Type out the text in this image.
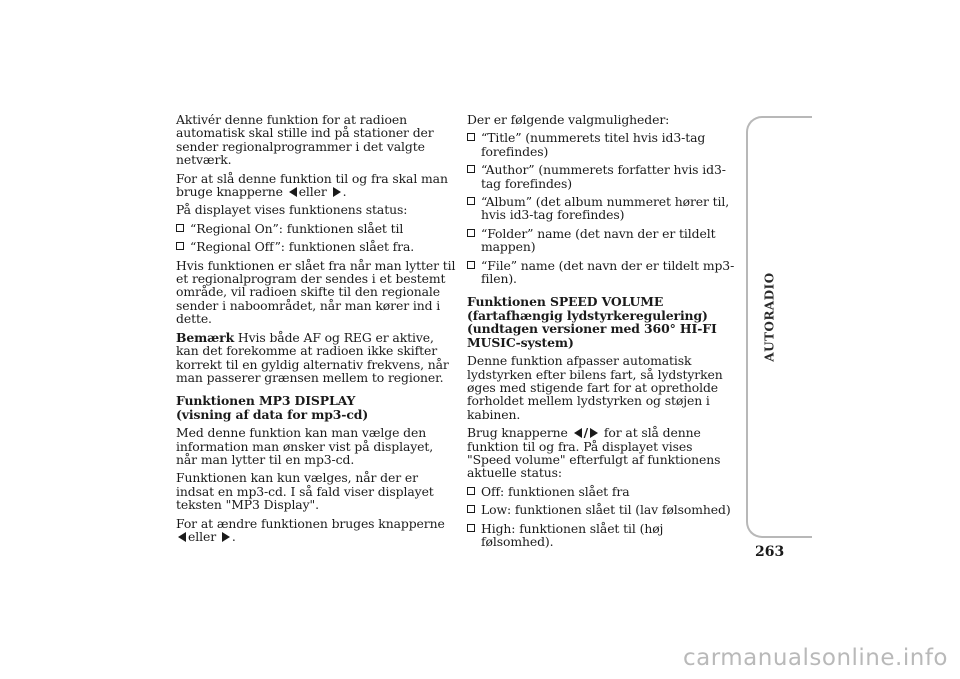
Aktivér denne funktion for at radioen automatisk skal stille ind på stationer der sender regionalprogrammer i det valgte netværk.

For at slå denne funktion til og fra skal man bruge knapperne eller .

På displayet vises funktionens status:

“Regional On”: funktionen slået til
“Regional Off”: funktionen slået fra.

Hvis funktionen er slået fra når man lytter til et regionalprogram der sendes i et bestemt område, vil radioen skifte til den regionale sender i naboområdet, når man kører ind i dette.

Bemærk Hvis både AF og REG er aktive, kan det forekomme at radioen ikke skifter korrekt til en gyldig alternativ frekvens, når man passerer grænsen mellem to regioner.

Funktionen MP3 DISPLAY
(visning af data for mp3-cd)

Med denne funktion kan man vælge den information man ønsker vist på displayet, når man lytter til en mp3-cd.

Funktionen kan kun vælges, når der er indsat en mp3-cd. I så fald viser displayet teksten "MP3 Display".

For at ændre funktionen bruges knapperne eller .

Der er følgende valgmuligheder:

“Title” (nummerets titel hvis id3-tag forefindes)
“Author” (nummerets forfatter hvis id3-tag forefindes)
“Album” (det album nummeret hører til, hvis id3-tag forefindes)
“Folder” name (det navn der er tildelt mappen)
“File” name (det navn der er tildelt mp3-filen).
Funktionen SPEED VOLUME
(fartafhængig lydstyrkeregulering)
(undtagen versioner med 360° HI-FI MUSIC-system)

Denne funktion afpasser automatisk lydstyrken efter bilens fart, så lydstyrken øges med stigende fart for at opretholde forholdet mellem lydstyrken og støjen i kabinen.

Brug knapperne / for at slå denne funktion til og fra. På displayet vises "Speed volume" efterfulgt af funktionens aktuelle status:

Off: funktionen slået fra
Low: funktionen slået til (lav følsomhed)
High: funktionen slået til (høj følsomhed).
AUTORADIO
263
carmanualsonline.info
